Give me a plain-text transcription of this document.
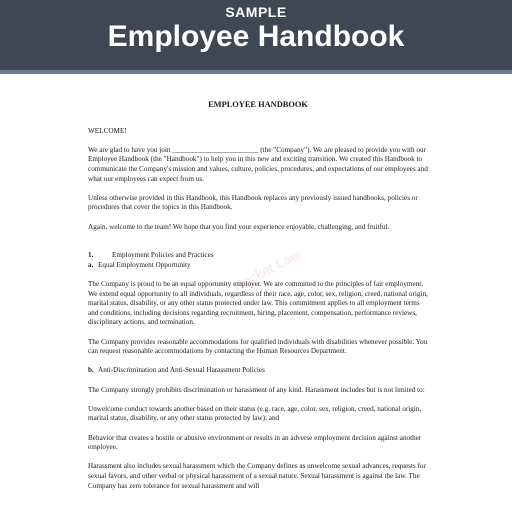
SAMPLE
Employee Handbook
Rocket Law

EMPLOYEE HANDBOOK

WELCOME!

We are glad to have you join ________________________ (the "Company"). We are pleased to provide you with our Employee Handbook (the "Handbook") to help you in this new and exciting transition. We created this Handbook to communicate the Company's mission and values, culture, policies, procedures, and expectations of our employees and what our employees can expect from us.

Unless otherwise provided in this Handbook, this Handbook replaces any previously issued handbooks, policies or procedures that cover the topics in this Handbook.

Again, welcome to the team! We hope that you find your experience enjoyable, challenging, and fruitful.

1.	Employment Policies and Practices

a. Equal Employment Opportunity

The Company is proud to be an equal opportunity employer. We are committed to the principles of fair employment. We extend equal opportunity to all individuals, regardless of their race, age, color, sex, religion, creed, national origin, marital status, disability, or any other status protected under law. This commitment applies to all employment terms and conditions, including decisions regarding recruitment, hiring, placement, compensation, performance reviews, disciplinary actions, and termination.

The Company provides reasonable accommodations for qualified individuals with disabilities whenever possible. You can request reasonable accommodations by contacting the Human Resources Department.

b. Anti-Discrimination and Anti-Sexual Harassment Policies

The Company strongly prohibits discrimination or harassment of any kind. Harassment includes but is not limited to:

Unwelcome conduct towards another based on their status (e.g. race, age, color, sex, religion, creed, national origin, marital status, disability, or any other status protected by law); and

Behavior that creates a hostile or abusive environment or results in an adverse employment decision against another employee.

Harassment also includes sexual harassment which the Company defines as unwelcome sexual advances, requests for sexual favors, and other verbal or physical harassment of a sexual nature. Sexual harassment is against the law. The Company has zero tolerance for sexual harassment and will
